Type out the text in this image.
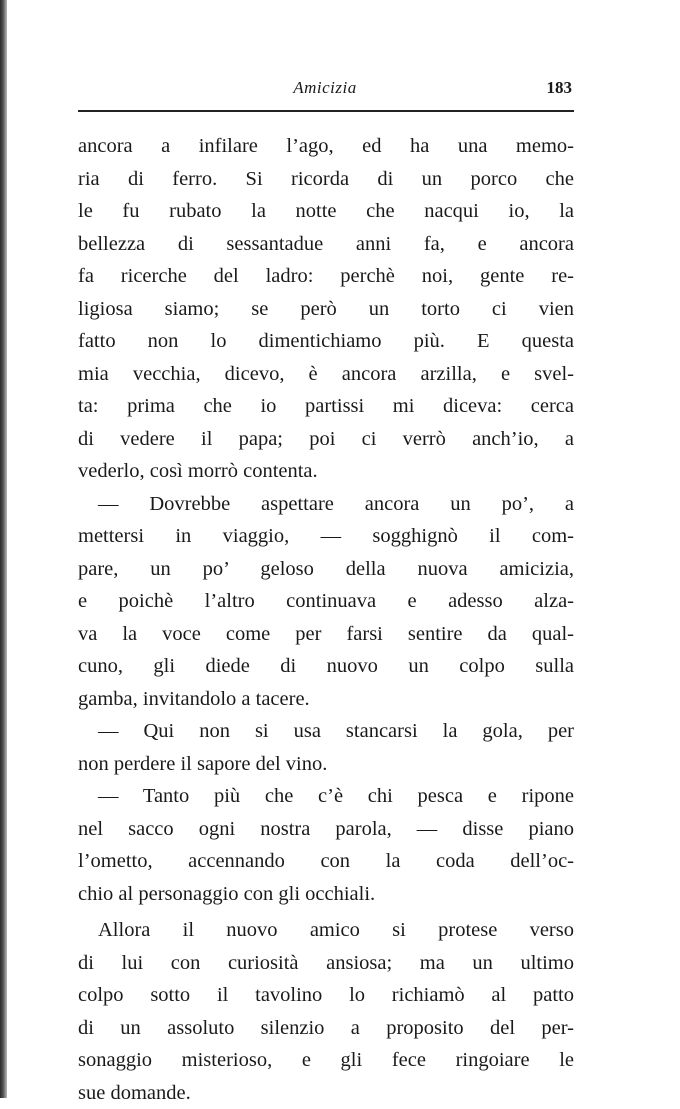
Amicizia	183
ancora a infilare l’ago, ed ha una memo-
ria di ferro. Si ricorda di un porco che
le fu rubato la notte che nacqui io, la
bellezza di sessantadue anni fa, e ancora
fa ricerche del ladro: perchè noi, gente re-
ligiosa siamo; se però un torto ci vien
fatto non lo dimentichiamo più. E questa
mia vecchia, dicevo, è ancora arzilla, e svel-
ta: prima che io partissi mi diceva: cerca
di vedere il papa; poi ci verrò anch’io, a
vederlo, così morrò contenta.
— Dovrebbe aspettare ancora un po’, a
mettersi in viaggio, — sogghignò il com-
pare, un po’ geloso della nuova amicizia,
e poichè l’altro continuava e adesso alza-
va la voce come per farsi sentire da qual-
cuno, gli diede di nuovo un colpo sulla
gamba, invitandolo a tacere.
— Qui non si usa stancarsi la gola, per
non perdere il sapore del vino.
— Tanto più che c’è chi pesca e ripone
nel sacco ogni nostra parola, — disse piano
l’ometto, accennando con la coda dell’oc-
chio al personaggio con gli occhiali.
Allora il nuovo amico si protese verso
di lui con curiosità ansiosa; ma un ultimo
colpo sotto il tavolino lo richiamò al patto
di un assoluto silenzio a proposito del per-
sonaggio misterioso, e gli fece ringoiare le
sue domande.
